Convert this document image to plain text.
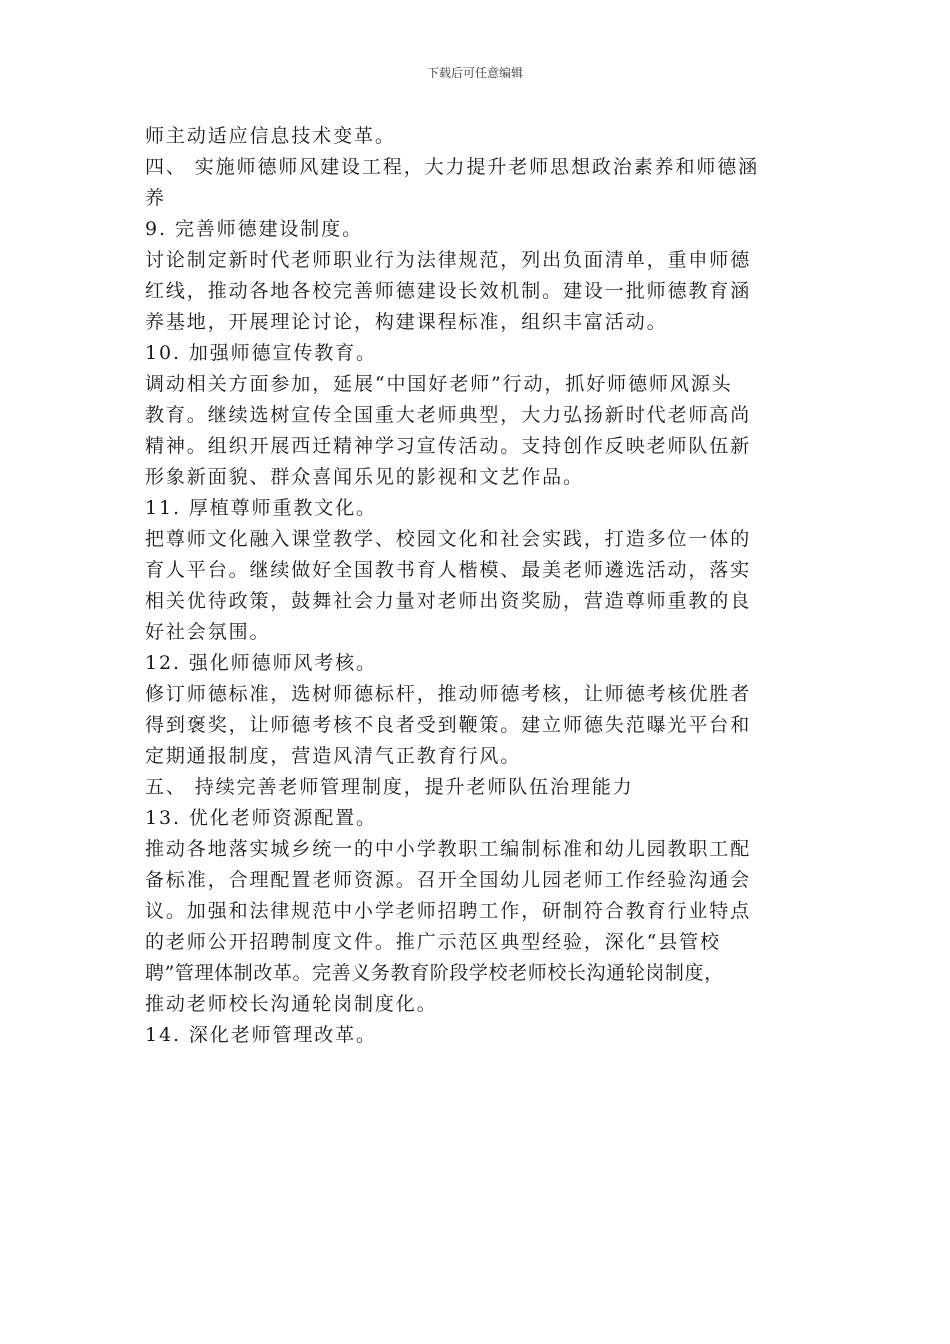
下载后可任意编辑
师主动适应信息技术变革。
四、 实施师德师风建设工程，大力提升老师思想政治素养和师德涵
养
9. 完善师德建设制度。
讨论制定新时代老师职业行为法律规范，列出负面清单，重申师德
红线，推动各地各校完善师德建设长效机制。建设一批师德教育涵
养基地，开展理论讨论，构建课程标准，组织丰富活动。
10. 加强师德宣传教育。
调动相关方面参加，延展“中国好老师”行动，抓好师德师风源头
教育。继续选树宣传全国重大老师典型，大力弘扬新时代老师高尚
精神。组织开展西迁精神学习宣传活动。支持创作反映老师队伍新
形象新面貌、群众喜闻乐见的影视和文艺作品。
11. 厚植尊师重教文化。
把尊师文化融入课堂教学、校园文化和社会实践，打造多位一体的
育人平台。继续做好全国教书育人楷模、最美老师遴选活动，落实
相关优待政策，鼓舞社会力量对老师出资奖励，营造尊师重教的良
好社会氛围。
12. 强化师德师风考核。
修订师德标准，选树师德标杆，推动师德考核，让师德考核优胜者
得到褒奖，让师德考核不良者受到鞭策。建立师德失范曝光平台和
定期通报制度，营造风清气正教育行风。
五、 持续完善老师管理制度，提升老师队伍治理能力
13. 优化老师资源配置。
推动各地落实城乡统一的中小学教职工编制标准和幼儿园教职工配
备标准，合理配置老师资源。召开全国幼儿园老师工作经验沟通会
议。加强和法律规范中小学老师招聘工作，研制符合教育行业特点
的老师公开招聘制度文件。推广示范区典型经验，深化“县管校
聘”管理体制改革。完善义务教育阶段学校老师校长沟通轮岗制度，
推动老师校长沟通轮岗制度化。
14. 深化老师管理改革。
